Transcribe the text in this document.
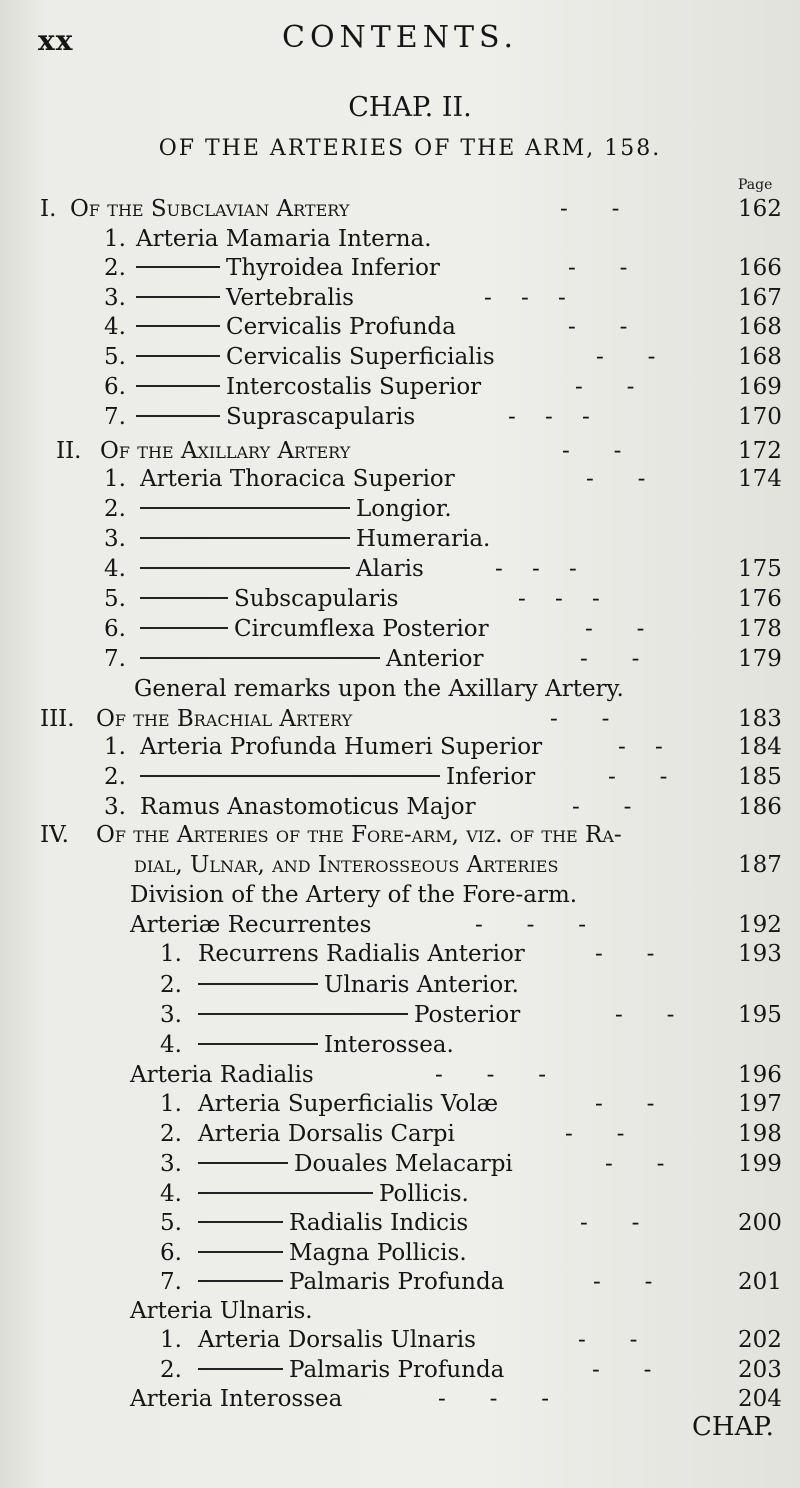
xx	CONTENTS.
CHAP. II.
OF THE ARTERIES OF THE ARM, 158.
Page
I. Of the Subclavian Artery	-      -	162
1. Arteria Mamaria Interna.
2.	Thyroidea Inferior	-      -	166
3.	Vertebralis	-    -    -	167
4.	Cervicalis Profunda	-      -	168
5.	Cervicalis Superficialis	-      -	168
6.	Intercostalis Superior	-      -	169
7.	Suprascapularis	-    -    -	170
II. Of the Axillary Artery	-      -	172
1. Arteria Thoracica Superior	-      -	174
2.	Longior.
3.	Humeraria.
4.	Alaris	-    -    -	175
5.	Subscapularis	-    -    -	176
6.	Circumflexa Posterior	-      -	178
7.	Anterior	-      -	179
General remarks upon the Axillary Artery.
III. Of the Brachial Artery	-      -	183
1. Arteria Profunda Humeri Superior	-    -	184
2.	Inferior	-      -	185
3. Ramus Anastomoticus Major	-      -	186
IV. Of the Arteries of the Fore-arm, viz. of the Ra-
dial, Ulnar, and Interosseous Arteries	187
Division of the Artery of the Fore-arm.
Arteriæ Recurrentes	-      -      -	192
1. Recurrens Radialis Anterior	-      -	193
2.	Ulnaris Anterior.
3.	Posterior	-      -	195
4.	Interossea.
Arteria Radialis	-      -      -	196
1. Arteria Superficialis Volæ	-      -	197
2. Arteria Dorsalis Carpi	-      -	198
3.	Douales Melacarpi	-      -	199
4.	Pollicis.
5.	Radialis Indicis	-      -	200
6.	Magna Pollicis.
7.	Palmaris Profunda	-      -	201
Arteria Ulnaris.
1. Arteria Dorsalis Ulnaris	-      -	202
2.	Palmaris Profunda	-      -	203
Arteria Interossea	-      -      -	204
CHAP.
